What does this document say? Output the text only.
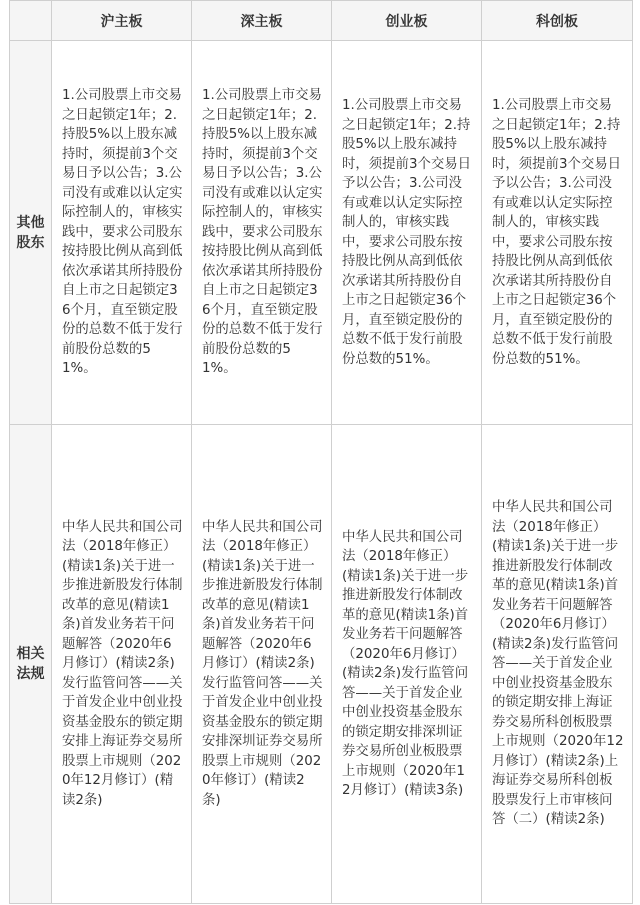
	沪主板	深主板	创业板	科创板
其他股东	1.公司股票上市交易之日起锁定1年；2.持股5%以上股东减持时，须提前3个交易日予以公告；3.公司没有或难以认定实际控制人的，审核实践中，要求公司股东按持股比例从高到低依次承诺其所持股份自上市之日起锁定36个月，直至锁定股份的总数不低于发行前股份总数的51%。	1.公司股票上市交易之日起锁定1年；2.持股5%以上股东减持时，须提前3个交易日予以公告；3.公司没有或难以认定实际控制人的，审核实践中，要求公司股东按持股比例从高到低依次承诺其所持股份自上市之日起锁定36个月，直至锁定股份的总数不低于发行前股份总数的51%。	1.公司股票上市交易之日起锁定1年；2.持股5%以上股东减持时，须提前3个交易日予以公告；3.公司没有或难以认定实际控制人的，审核实践中，要求公司股东按持股比例从高到低依次承诺其所持股份自上市之日起锁定36个月，直至锁定股份的总数不低于发行前股份总数的51%。	1.公司股票上市交易之日起锁定1年；2.持股5%以上股东减持时，须提前3个交易日予以公告；3.公司没有或难以认定实际控制人的，审核实践中，要求公司股东按持股比例从高到低依次承诺其所持股份自上市之日起锁定36个月，直至锁定股份的总数不低于发行前股份总数的51%。
相关法规	中华人民共和国公司法（2018年修正）(精读1条)关于进一步推进新股发行体制改革的意见(精读1条)首发业务若干问题解答（2020年6月修订）(精读2条)发行监管问答——关于首发企业中创业投资基金股东的锁定期安排上海证券交易所股票上市规则（2020年12月修订）(精读2条)	中华人民共和国公司法（2018年修正）(精读1条)关于进一步推进新股发行体制改革的意见(精读1条)首发业务若干问题解答（2020年6月修订）(精读2条)发行监管问答——关于首发企业中创业投资基金股东的锁定期安排深圳证券交易所股票上市规则（2020年修订）(精读2条)	中华人民共和国公司法（2018年修正）(精读1条)关于进一步推进新股发行体制改革的意见(精读1条)首发业务若干问题解答（2020年6月修订）(精读2条)发行监管问答——关于首发企业中创业投资基金股东的锁定期安排深圳证券交易所创业板股票上市规则（2020年12月修订）(精读3条)	中华人民共和国公司法（2018年修正）(精读1条)关于进一步推进新股发行体制改革的意见(精读1条)首发业务若干问题解答（2020年6月修订）(精读2条)发行监管问答——关于首发企业中创业投资基金股东的锁定期安排上海证券交易所科创板股票上市规则（2020年12月修订）(精读2条)上海证券交易所科创板股票发行上市审核问答（二）(精读2条)
